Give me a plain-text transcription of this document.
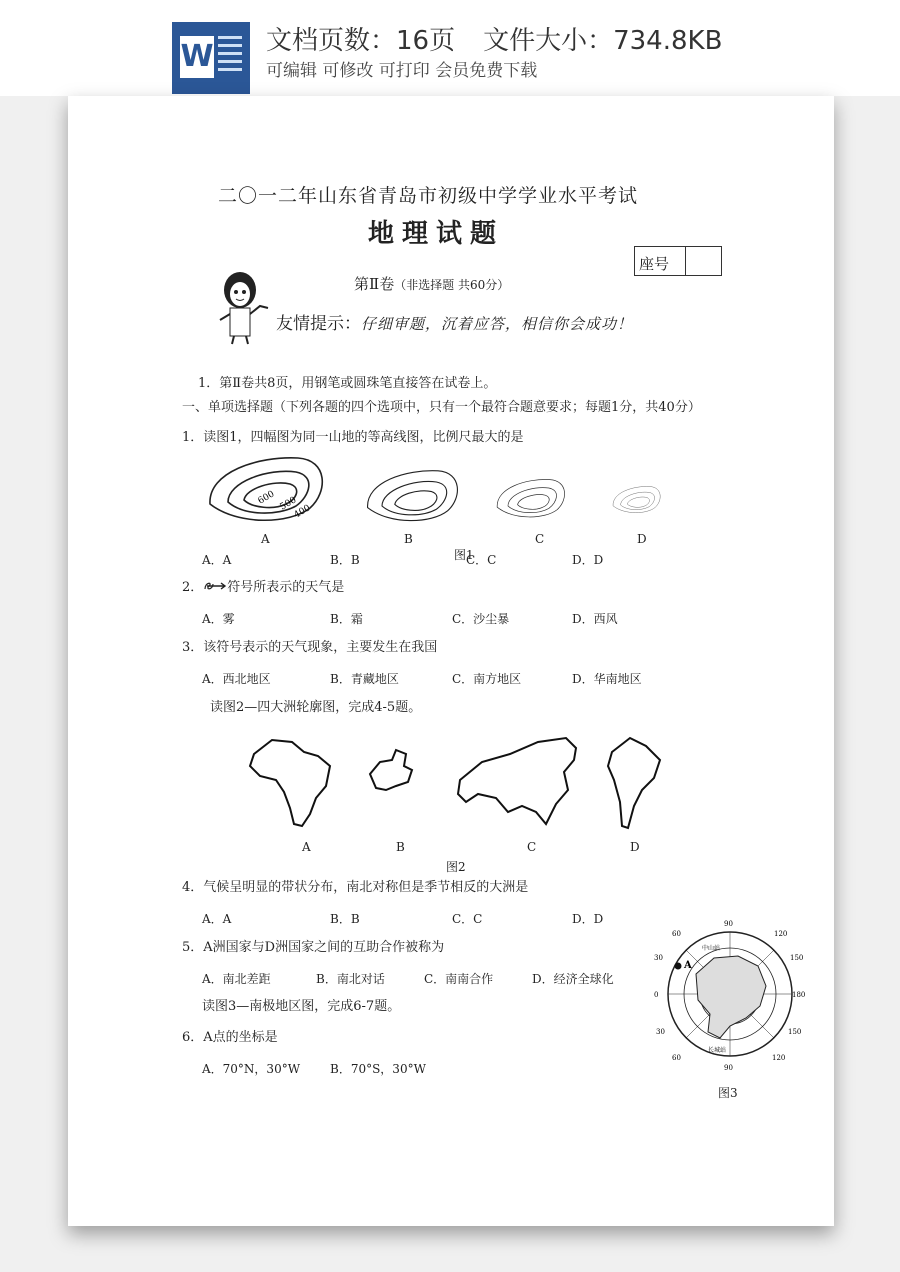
W 文档页数：16页 文件大小：734.8KB
可编辑 可修改 可打印 会员免费下载
二〇一二年山东省青岛市初级中学学业水平考试
地理试题
座号
第Ⅱ卷（非选择题 共60分）
友情提示：仔细审题，沉着应答，相信你会成功！
1．第Ⅱ卷共8页，用钢笔或圆珠笔直接答在试卷上。
一、单项选择题（下列各题的四个选项中，只有一个最符合题意要求；每题1分，共40分）
1．读图1，四幅图为同一山地的等高线图，比例尺最大的是
600 500
400
A	B	C	D
图1
A．A	B．B	C．C	D．D
2． 符号所表示的天气是
A．雾	B．霜	C．沙尘暴	D．西风
3．该符号表示的天气现象，主要发生在我国
A．西北地区	B．青藏地区	C．南方地区	D．华南地区
读图2—四大洲轮廓图，完成4-5题。
A	B	C	D
图2
4．气候呈明显的带状分布，南北对称但是季节相反的大洲是
A．A	B．B	C．C	D．D
5．A洲国家与D洲国家之间的互助合作被称为
A．南北差距	B．南北对话	C．南南合作	D．经济全球化
读图3—南极地区图，完成6-7题。
6．A点的坐标是
A．70°N，30°W B．70°S，30°W
A
中山站
长城站
90
60
30
0
30
60
90
120
150
180
150
120
图3
